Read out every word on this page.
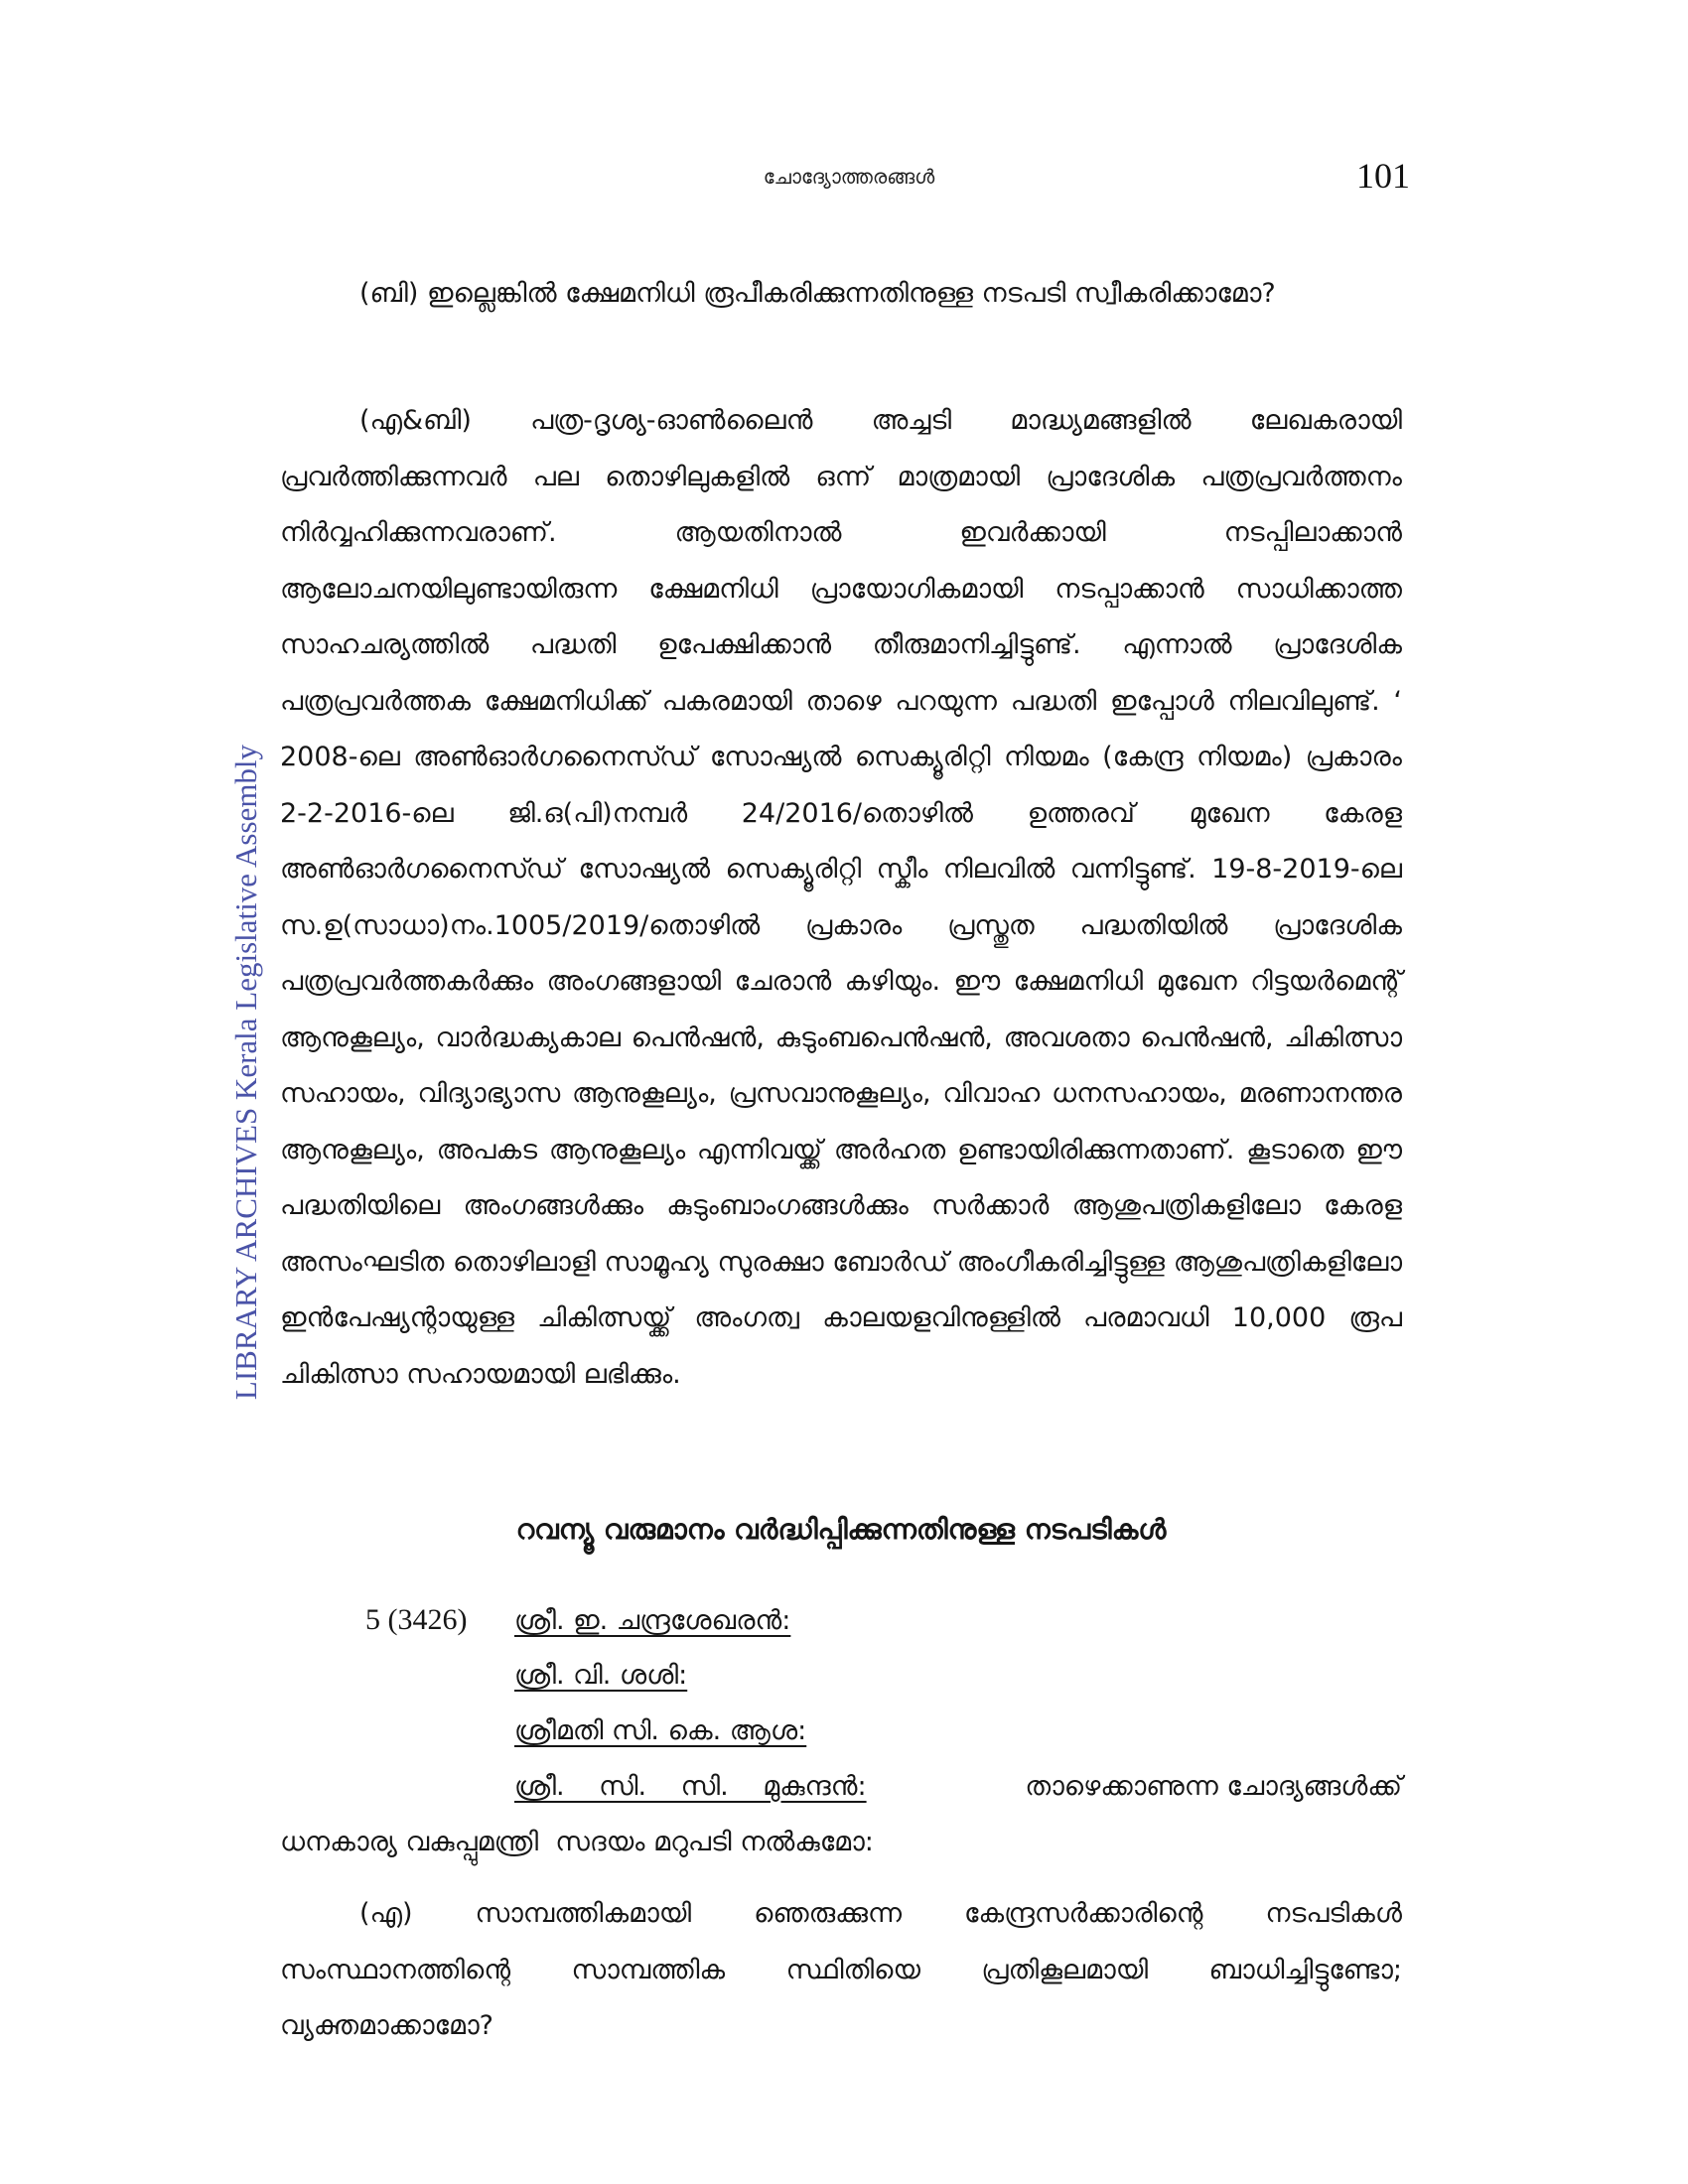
LIBRARY ARCHIVES Kerala Legislative Assembly
ചോദ്യോത്തരങ്ങൾ	101

(ബി) ഇല്ലെങ്കിൽ ക്ഷേമനിധി രൂപീകരിക്കുന്നതിനുള്ള നടപടി സ്വീകരിക്കാമോ?

(എ&ബി) പത്ര-ദൃശ്യ-ഓൺലൈൻ അച്ചടി മാദ്ധ്യമങ്ങളിൽ ലേഖകരായി പ്രവർത്തിക്കുന്നവർ പല തൊഴിലുകളിൽ ഒന്ന് മാത്രമായി പ്രാദേശിക പത്രപ്രവർത്തനം നിർവ്വഹിക്കുന്നവരാണ്. ആയതിനാൽ ഇവർക്കായി നടപ്പിലാക്കാൻ ആലോചനയിലുണ്ടായിരുന്ന ക്ഷേമനിധി പ്രായോഗികമായി നടപ്പാക്കാൻ സാധിക്കാത്ത സാഹചര്യത്തിൽ പദ്ധതി ഉപേക്ഷിക്കാൻ തീരുമാനിച്ചിട്ടുണ്ട്. എന്നാൽ പ്രാദേശിക പത്രപ്രവർത്തക ക്ഷേമനിധിക്ക് പകരമായി താഴെ പറയുന്ന പദ്ധതി ഇപ്പോൾ നിലവിലുണ്ട്. ‘ 2008-ലെ അൺഓർഗനൈസ്ഡ് സോഷ്യൽ സെക്യൂരിറ്റി നിയമം (കേന്ദ്ര നിയമം) പ്രകാരം 2-2-2016-ലെ ജി.ഒ(പി)നമ്പർ 24/2016/തൊഴിൽ ഉത്തരവ് മുഖേന കേരള അൺഓർഗനൈസ്ഡ് സോഷ്യൽ സെക്യൂരിറ്റി സ്കീം നിലവിൽ വന്നിട്ടുണ്ട്. 19-8-2019-ലെ സ.ഉ(സാധാ)നം.1005/2019/തൊഴിൽ പ്രകാരം പ്രസ്തുത പദ്ധതിയിൽ പ്രാദേശിക പത്രപ്രവർത്തകർക്കും അംഗങ്ങളായി ചേരാൻ കഴിയും. ഈ ക്ഷേമനിധി മുഖേന റിട്ടയർമെന്റ് ആനുകൂല്യം, വാർദ്ധക്യകാല പെൻഷൻ, കുടുംബപെൻഷൻ, അവശതാ പെൻഷൻ, ചികിത്സാ സഹായം, വിദ്യാഭ്യാസ ആനുകൂല്യം, പ്രസവാനുകൂല്യം, വിവാഹ ധനസഹായം, മരണാനന്തര ആനുകൂല്യം, അപകട ആനുകൂല്യം എന്നിവയ്ക്ക് അർഹത ഉണ്ടായിരിക്കുന്നതാണ്. കൂടാതെ ഈ പദ്ധതിയിലെ അംഗങ്ങൾക്കും കുടുംബാംഗങ്ങൾക്കും സർക്കാർ ആശുപത്രികളിലോ കേരള അസംഘടിത തൊഴിലാളി സാമൂഹ്യ സുരക്ഷാ ബോർഡ് അംഗീകരിച്ചിട്ടുള്ള ആശുപത്രികളിലോ ഇൻപേഷ്യന്റായുള്ള ചികിത്സയ്ക്ക് അംഗത്വ കാലയളവിനുള്ളിൽ പരമാവധി 10,000 രൂപ ചികിത്സാ സഹായമായി ലഭിക്കും.

റവന്യൂ വരുമാനം വർദ്ധിപ്പിക്കുന്നതിനുള്ള നടപടികൾ
5 (3426) ശ്രീ. ഇ. ചന്ദ്രശേഖരൻ:
ശ്രീ. വി. ശശി:
ശ്രീമതി സി. കെ. ആശ:
ശ്രീ. സി. സി. മുകുന്ദൻ:	താഴെക്കാണുന്ന ചോദ്യങ്ങൾക്ക്
ധനകാര്യ വകുപ്പുമന്ത്രി  സദയം മറുപടി നൽകുമോ:

(എ) സാമ്പത്തികമായി ഞെരുക്കുന്ന കേന്ദ്രസർക്കാരിന്റെ നടപടികൾ സംസ്ഥാനത്തിന്റെ സാമ്പത്തിക സ്ഥിതിയെ പ്രതികൂലമായി ബാധിച്ചിട്ടുണ്ടോ; വ്യക്തമാക്കാമോ?
